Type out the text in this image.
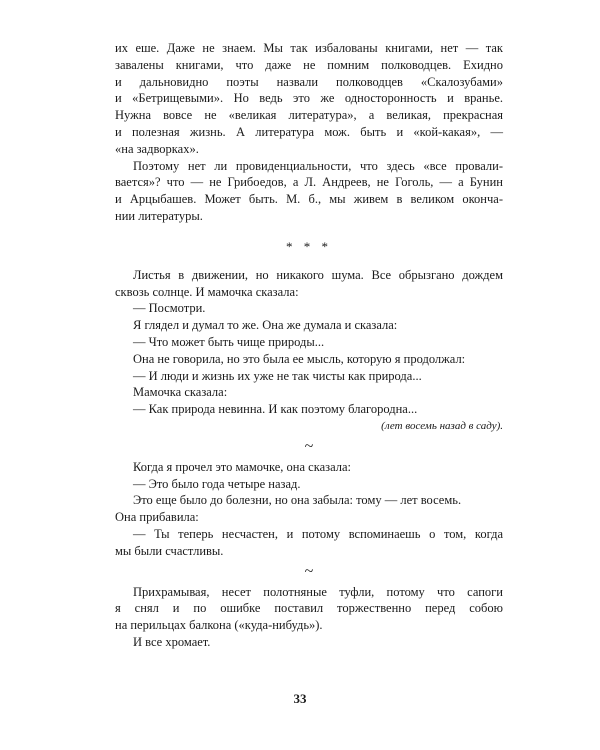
их еше. Даже не знаем. Мы так избалованы книгами, нет — так
завалены книгами, что даже не помним полководцев. Ехидно
и дальновидно поэты назвали полководцев «Скалозубами»
и «Бетрищевыми». Но ведь это же односторонность и вранье.
Нужна вовсе не «великая литература», а великая, прекрасная
и полезная жизнь. А литература мож. быть и «кой-какая», —
«на задворках».
Поэтому нет ли провиденциальности, что здесь «все провали-
вается»? что — не Грибоедов, а Л. Андреев, не Гоголь, — а Бунин
и Арцыбашев. Может быть. М. б., мы живем в великом оконча-
нии литературы.
* * *
Листья в движении, но никакого шума. Все обрызгано дождем
сквозь солнце. И мамочка сказала:
— Посмотри.
Я глядел и думал то же. Она же думала и сказала:
— Что может быть чище природы...
Она не говорила, но это была ее мысль, которую я продолжал:
— И люди и жизнь их уже не так чисты как природа...
Мамочка сказала:
— Как природа невинна. И как поэтому благородна...
(лет восемь назад в саду).
~
Когда я прочел это мамочке, она сказала:
— Это было года четыре назад.
Это еще было до болезни, но она забыла: тому — лет восемь.
Она прибавила:
— Ты теперь несчастен, и потому вспоминаешь о том, когда
мы были счастливы.
~
Прихрамывая, несет полотняные туфли, потому что сапоги
я снял и по ошибке поставил торжественно перед собою
на перильцах балкона («куда-нибудь»).
И все хромает.
33
